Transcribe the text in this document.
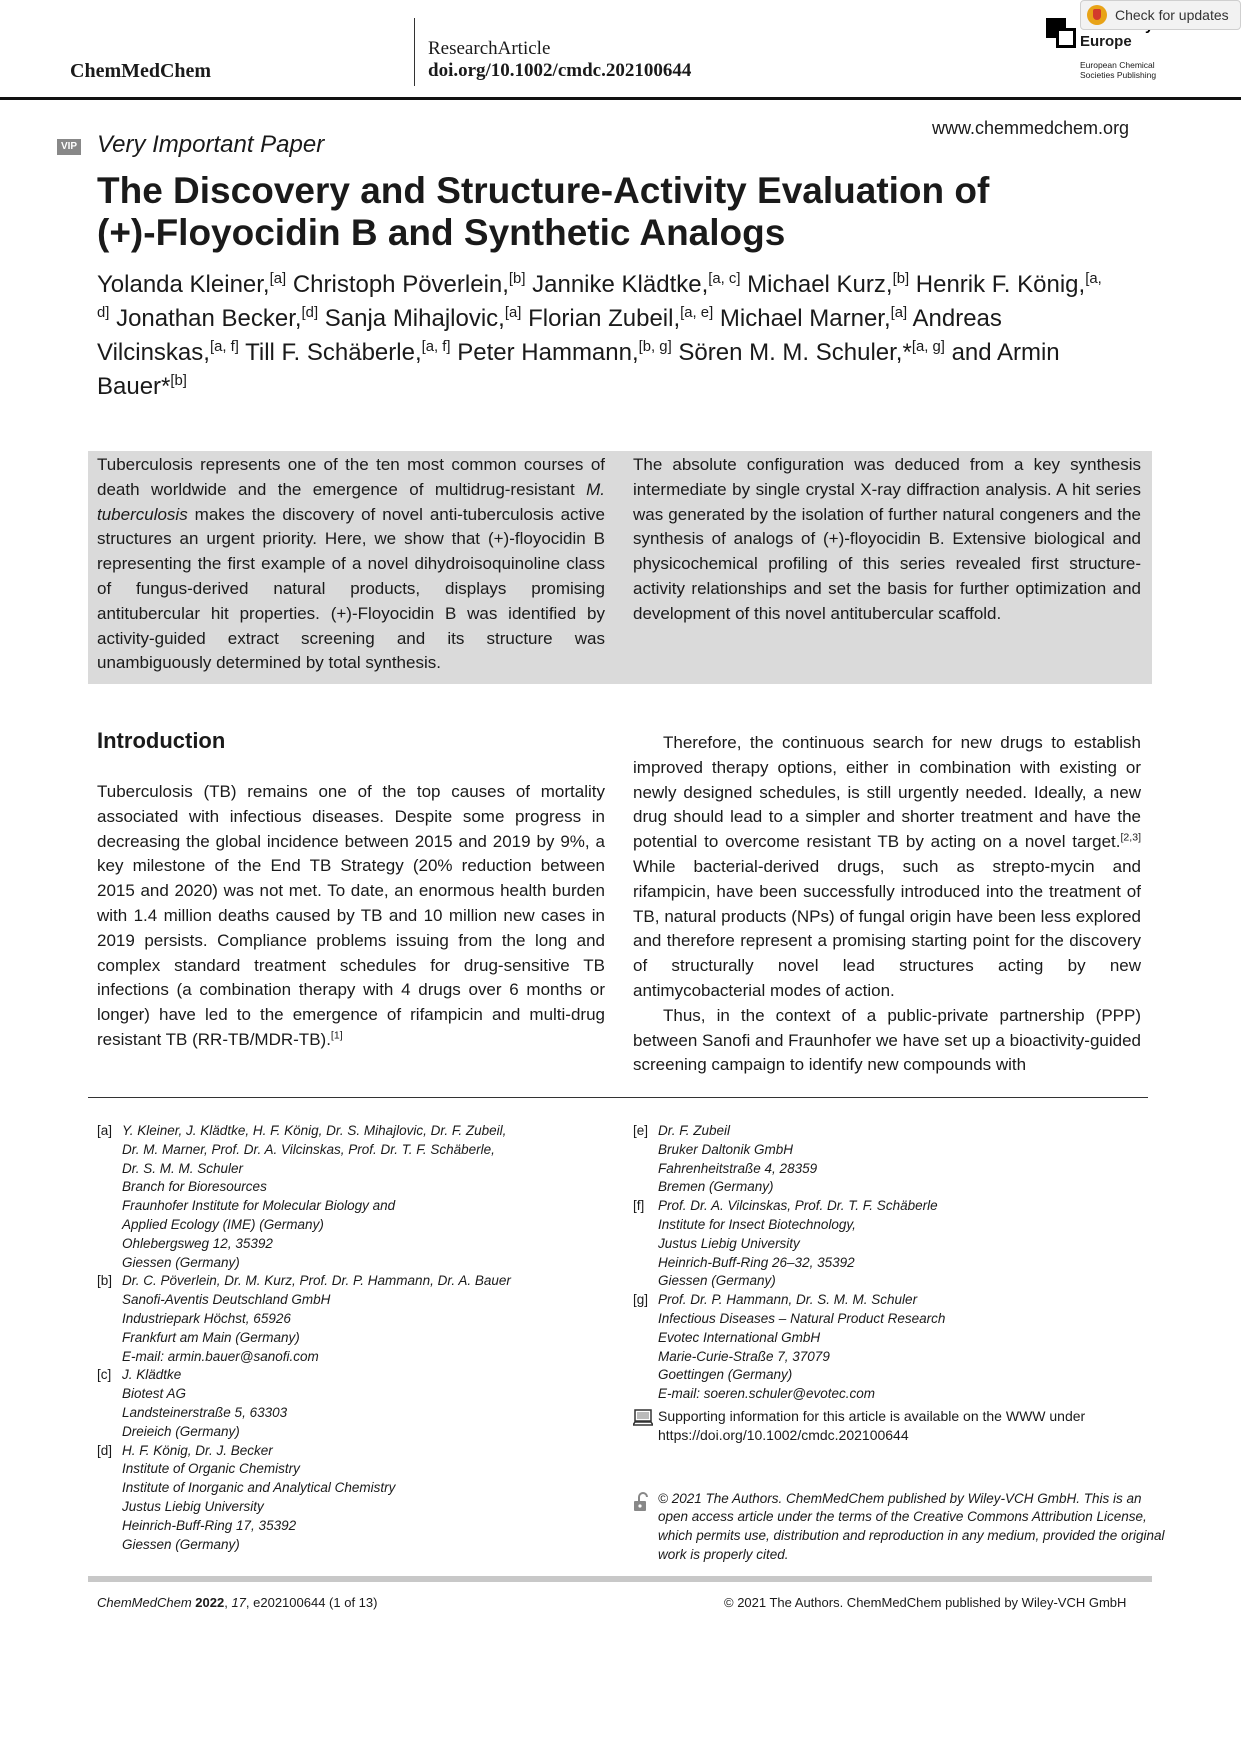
ChemMedChem
ResearchArticle
doi.org/10.1002/cmdc.202100644
Europe
European Chemical
Societies Publishing
Check for updates
www.chemmedchem.org
VIP Very Important Paper
The Discovery and Structure-Activity Evaluation of
(+)-Floyocidin B and Synthetic Analogs
Yolanda Kleiner,[a] Christoph Pöverlein,[b] Jannike Klädtke,[a, c] Michael Kurz,[b] Henrik F. König,[a, d] Jonathan Becker,[d] Sanja Mihajlovic,[a] Florian Zubeil,[a, e] Michael Marner,[a] Andreas Vilcinskas,[a, f] Till F. Schäberle,[a, f] Peter Hammann,[b, g] Sören M. M. Schuler,*[a, g] and Armin Bauer*[b]
Tuberculosis represents one of the ten most common courses of death worldwide and the emergence of multidrug-resistant M. tuberculosis makes the discovery of novel anti-tuberculosis active structures an urgent priority. Here, we show that (+)-floyocidin B representing the first example of a novel dihydroisoquinoline class of fungus-derived natural products, displays promising antitubercular hit properties. (+)-Floyocidin B was identified by activity-guided extract screening and its structure was unambiguously determined by total synthesis.
The absolute configuration was deduced from a key synthesis intermediate by single crystal X-ray diffraction analysis. A hit series was generated by the isolation of further natural congeners and the synthesis of analogs of (+)-floyocidin B. Extensive biological and physicochemical profiling of this series revealed first structure-activity relationships and set the basis for further optimization and development of this novel antitubercular scaffold.
Introduction

Tuberculosis (TB) remains one of the top causes of mortality associated with infectious diseases. Despite some progress in decreasing the global incidence between 2015 and 2019 by 9%, a key milestone of the End TB Strategy (20% reduction between 2015 and 2020) was not met. To date, an enormous health burden with 1.4 million deaths caused by TB and 10 million new cases in 2019 persists. Compliance problems issuing from the long and complex standard treatment schedules for drug-sensitive TB infections (a combination therapy with 4 drugs over 6 months or longer) have led to the emergence of rifampicin and multi-drug resistant TB (RR-TB/MDR-TB).[1]

Therefore, the continuous search for new drugs to establish improved therapy options, either in combination with existing or newly designed schedules, is still urgently needed. Ideally, a new drug should lead to a simpler and shorter treatment and have the potential to overcome resistant TB by acting on a novel target.[2,3] While bacterial-derived drugs, such as strepto-mycin and rifampicin, have been successfully introduced into the treatment of TB, natural products (NPs) of fungal origin have been less explored and therefore represent a promising starting point for the discovery of structurally novel lead structures acting by new antimycobacterial modes of action.

Thus, in the context of a public-private partnership (PPP) between Sanofi and Fraunhofer we have set up a bioactivity-guided screening campaign to identify new compounds with

[a] Y. Kleiner, J. Klädtke, H. F. König, Dr. S. Mihajlovic, Dr. F. Zubeil,
Dr. M. Marner, Prof. Dr. A. Vilcinskas, Prof. Dr. T. F. Schäberle,
Dr. S. M. M. Schuler
Branch for Bioresources
Fraunhofer Institute for Molecular Biology and
Applied Ecology (IME) (Germany)
Ohlebergsweg 12, 35392
Giessen (Germany)
[b] Dr. C. Pöverlein, Dr. M. Kurz, Prof. Dr. P. Hammann, Dr. A. Bauer
Sanofi-Aventis Deutschland GmbH
Industriepark Höchst, 65926
Frankfurt am Main (Germany)
E-mail: armin.bauer@sanofi.com
[c] J. Klädtke
Biotest AG
Landsteinerstraße 5, 63303
Dreieich (Germany)
[d] H. F. König, Dr. J. Becker
Institute of Organic Chemistry
Institute of Inorganic and Analytical Chemistry
Justus Liebig University
Heinrich-Buff-Ring 17, 35392
Giessen (Germany)
[e] Dr. F. Zubeil
Bruker Daltonik GmbH
Fahrenheitstraße 4, 28359
Bremen (Germany)
[f] Prof. Dr. A. Vilcinskas, Prof. Dr. T. F. Schäberle
Institute for Insect Biotechnology,
Justus Liebig University
Heinrich-Buff-Ring 26–32, 35392
Giessen (Germany)
[g] Prof. Dr. P. Hammann, Dr. S. M. M. Schuler
Infectious Diseases – Natural Product Research
Evotec International GmbH
Marie-Curie-Straße 7, 37079
Goettingen (Germany)
E-mail: soeren.schuler@evotec.com
Supporting information for this article is available on the WWW under https://doi.org/10.1002/cmdc.202100644
© 2021 The Authors. ChemMedChem published by Wiley-VCH GmbH. This is an open access article under the terms of the Creative Commons Attribution License, which permits use, distribution and reproduction in any medium, provided the original work is properly cited.
ChemMedChem 2022, 17, e202100644 (1 of 13)	© 2021 The Authors. ChemMedChem published by Wiley-VCH GmbH
